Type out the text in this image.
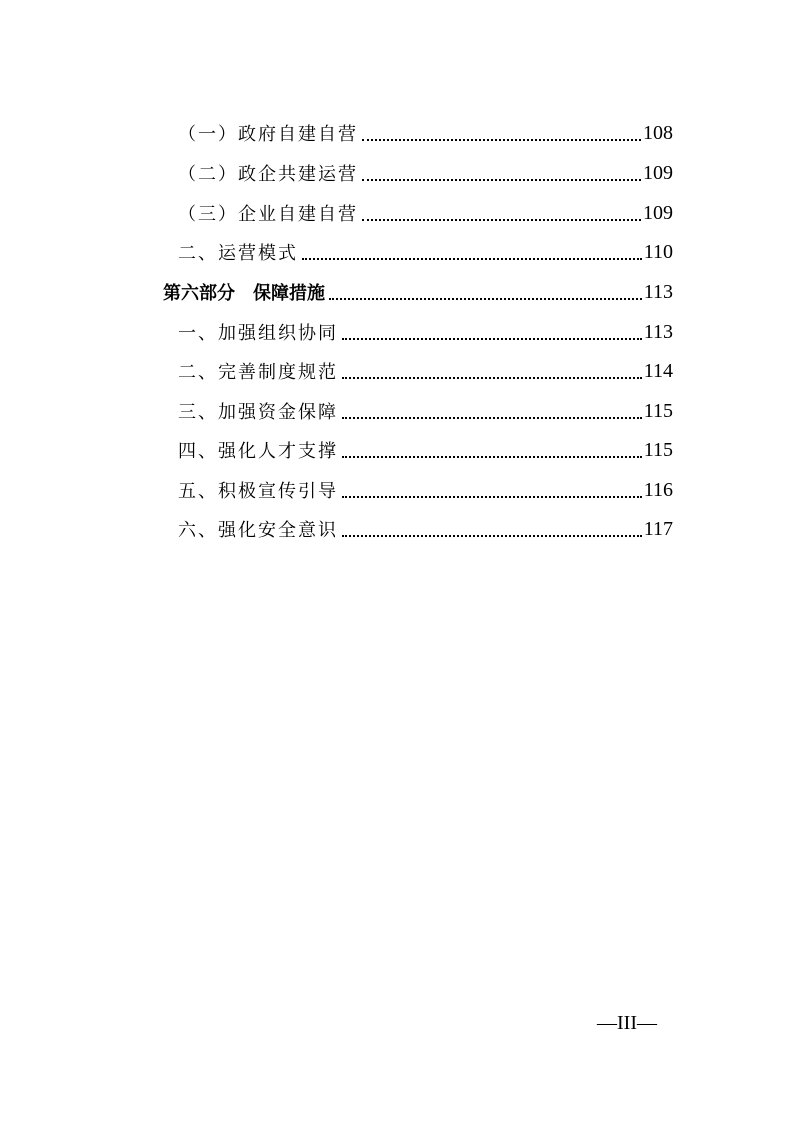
（一）政府自建自营	108
（二）政企共建运营	109
（三）企业自建自营	109
二、运营模式	110
第六部分　保障措施	113
一、加强组织协同	113
二、完善制度规范	114
三、加强资金保障	115
四、强化人才支撑	115
五、积极宣传引导	116
六、强化安全意识	117
—III—
